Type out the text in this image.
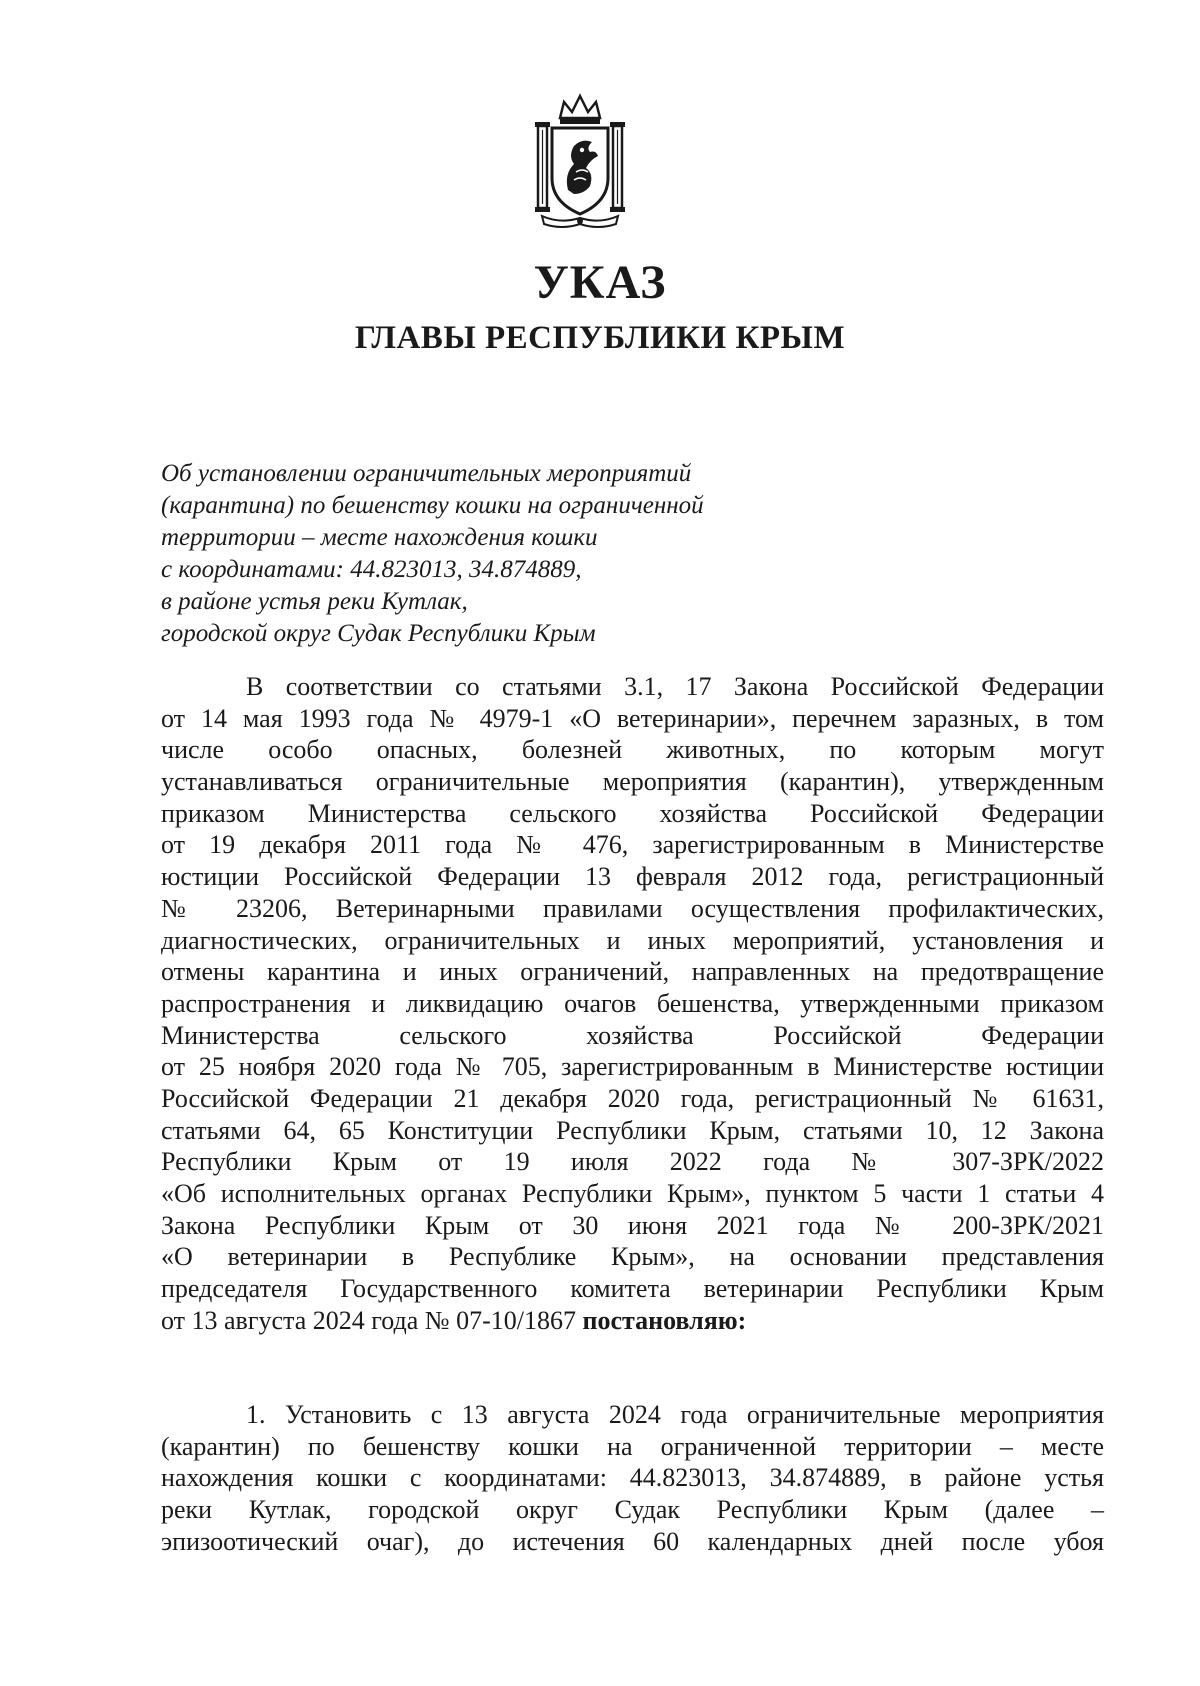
УКАЗ
ГЛАВЫ РЕСПУБЛИКИ КРЫМ
Об установлении ограничительных мероприятий
(карантина) по бешенству кошки на ограниченной
территории – месте нахождения кошки
с координатами: 44.823013, 34.874889,
в районе устья реки Кутлак,
городской округ Судак Республики Крым
В соответствии со статьями 3.1, 17 Закона Российской Федерации
от 14 мая 1993 года № 4979-1 «О ветеринарии», перечнем заразных, в том
числе особо опасных, болезней животных, по которым могут
устанавливаться ограничительные мероприятия (карантин), утвержденным
приказом Министерства сельского хозяйства Российской Федерации
от 19 декабря 2011 года № 476, зарегистрированным в Министерстве
юстиции Российской Федерации 13 февраля 2012 года, регистрационный
№ 23206, Ветеринарными правилами осуществления профилактических,
диагностических, ограничительных и иных мероприятий, установления и
отмены карантина и иных ограничений, направленных на предотвращение
распространения и ликвидацию очагов бешенства, утвержденными приказом
Министерства сельского хозяйства Российской Федерации
от 25 ноября 2020 года № 705, зарегистрированным в Министерстве юстиции
Российской Федерации 21 декабря 2020 года, регистрационный № 61631,
статьями 64, 65 Конституции Республики Крым, статьями 10, 12 Закона
Республики Крым от 19 июля 2022 года № 307-ЗРК/2022
«Об исполнительных органах Республики Крым», пунктом 5 части 1 статьи 4
Закона Республики Крым от 30 июня 2021 года № 200-ЗРК/2021
«О ветеринарии в Республике Крым», на основании представления
председателя Государственного комитета ветеринарии Республики Крым
от 13 августа 2024 года № 07-10/1867 постановляю:
1. Установить с 13 августа 2024 года ограничительные мероприятия
(карантин) по бешенству кошки на ограниченной территории – месте
нахождения кошки с координатами: 44.823013, 34.874889, в районе устья
реки Кутлак, городской округ Судак Республики Крым (далее –
эпизоотический очаг), до истечения 60 календарных дней после убоя
